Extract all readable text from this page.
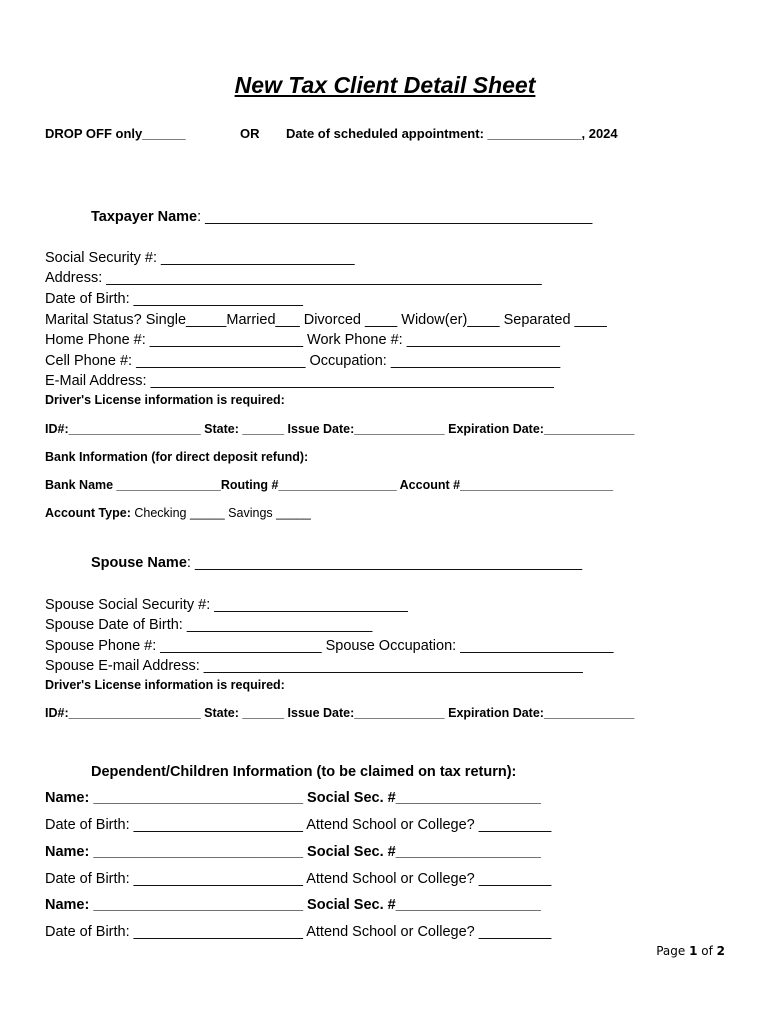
New Tax Client Detail Sheet
DROP OFF only______	OR Date of scheduled appointment: _____________, 2024
Taxpayer Name: ________________________________________________
Social Security #: ________________________
Address: ______________________________________________________
Date of Birth: _____________________
Marital Status? Single_____Married___ Divorced ____ Widow(er)____ Separated ____
Home Phone #: ___________________ Work Phone #: ___________________
Cell Phone #: _____________________ Occupation: _____________________
E-Mail Address: __________________________________________________
Driver's License information is required:
ID#:___________________ State: ______ Issue Date:_____________ Expiration Date:_____________
Bank Information (for direct deposit refund):
Bank Name _______________Routing #_________________ Account #______________________
Account Type: Checking _____ Savings _____
Spouse Name: ________________________________________________
Spouse Social Security #: ________________________
Spouse Date of Birth: _______________________
Spouse Phone #: ____________________ Spouse Occupation: ___________________
Spouse E-mail Address: _______________________________________________
Driver's License information is required:
ID#:___________________ State: ______ Issue Date:_____________ Expiration Date:_____________
Dependent/Children Information (to be claimed on tax return):
Name: __________________________ Social Sec. #__________________
Date of Birth: _____________________ Attend School or College? _________
Name: __________________________ Social Sec. #__________________
Date of Birth: _____________________ Attend School or College? _________
Name: __________________________ Social Sec. #__________________
Date of Birth: _____________________ Attend School or College? _________
Page 1 of 2
